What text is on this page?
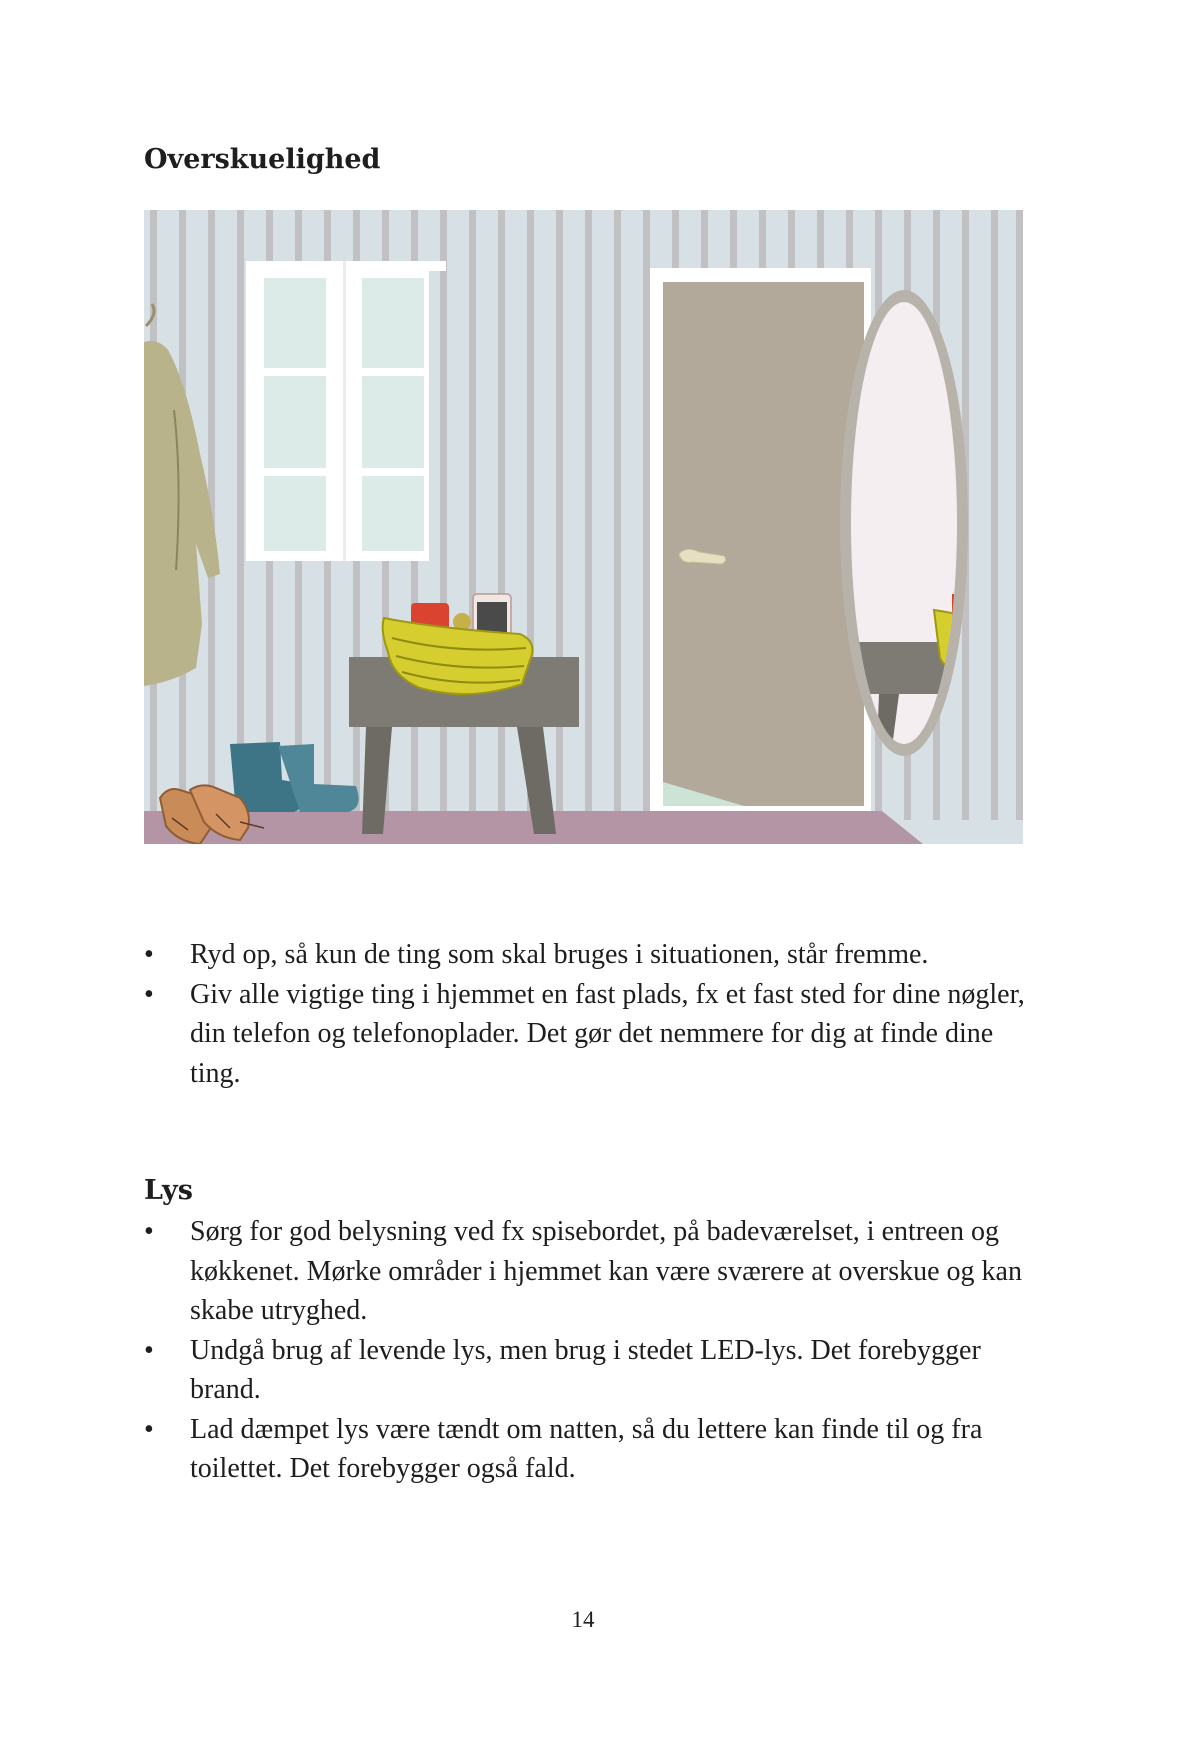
Overskuelighed
• Ryd op, så kun de ting som skal bruges i situationen, står fremme.
• Giv alle vigtige ting i hjemmet en fast plads, fx et fast sted for dine nøgler, din telefon og telefonoplader. Det gør det nemmere for dig at finde dine ting.
Lys
• Sørg for god belysning ved fx spisebordet, på badeværelset, i entreen og køkkenet. Mørke områder i hjemmet kan være sværere at overskue og kan skabe utryghed.
• Undgå brug af levende lys, men brug i stedet LED-lys. Det forebygger brand.
• Lad dæmpet lys være tændt om natten, så du lettere kan finde til og fra toilettet. Det forebygger også fald.
14
